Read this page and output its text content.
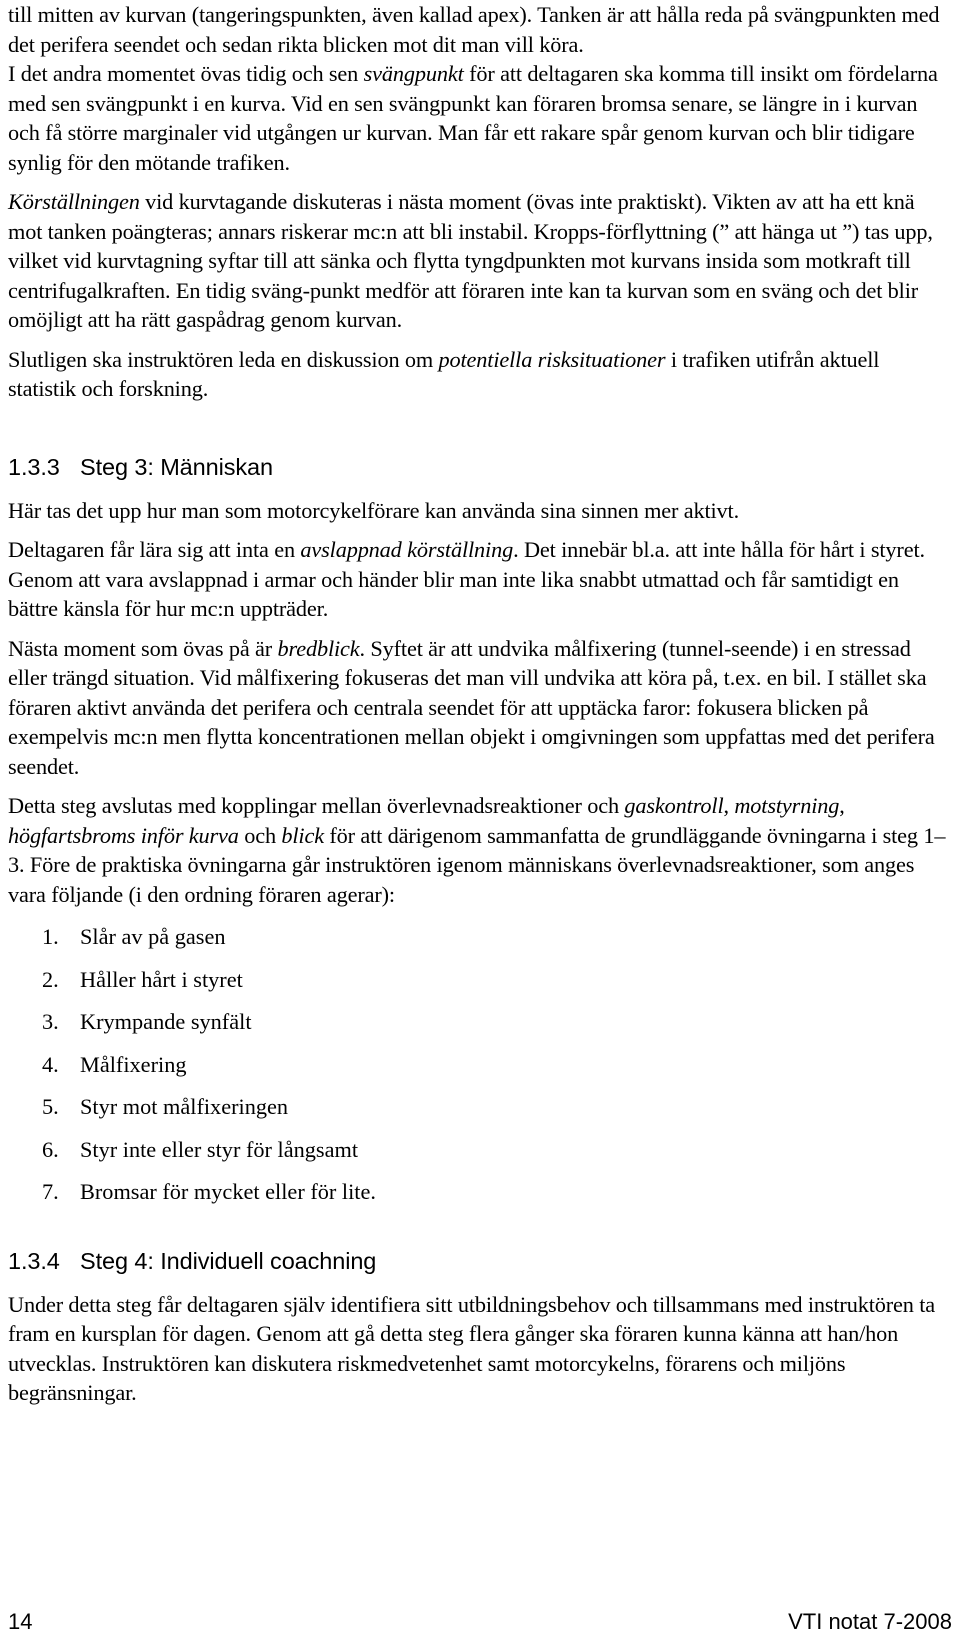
till mitten av kurvan (tangeringspunkten, även kallad apex). Tanken är att hålla reda på svängpunkten med det perifera seendet och sedan rikta blicken mot dit man vill köra.

I det andra momentet övas tidig och sen svängpunkt för att deltagaren ska komma till insikt om fördelarna med sen svängpunkt i en kurva. Vid en sen svängpunkt kan föraren bromsa senare, se längre in i kurvan och få större marginaler vid utgången ur kurvan. Man får ett rakare spår genom kurvan och blir tidigare synlig för den mötande trafiken.

Körställningen vid kurvtagande diskuteras i nästa moment (övas inte praktiskt). Vikten av att ha ett knä mot tanken poängteras; annars riskerar mc:n att bli instabil. Kropps-förflyttning (” att hänga ut ”) tas upp, vilket vid kurvtagning syftar till att sänka och flytta tyngdpunkten mot kurvans insida som motkraft till centrifugalkraften. En tidig sväng-punkt medför att föraren inte kan ta kurvan som en sväng och det blir omöjligt att ha rätt gaspådrag genom kurvan.

Slutligen ska instruktören leda en diskussion om potentiella risksituationer i trafiken utifrån aktuell statistik och forskning.

1.3.3 Steg 3: Människan

Här tas det upp hur man som motorcykelförare kan använda sina sinnen mer aktivt.

Deltagaren får lära sig att inta en avslappnad körställning. Det innebär bl.a. att inte hålla för hårt i styret. Genom att vara avslappnad i armar och händer blir man inte lika snabbt utmattad och får samtidigt en bättre känsla för hur mc:n uppträder.

Nästa moment som övas på är bredblick. Syftet är att undvika målfixering (tunnel-seende) i en stressad eller trängd situation. Vid målfixering fokuseras det man vill undvika att köra på, t.ex. en bil. I stället ska föraren aktivt använda det perifera och centrala seendet för att upptäcka faror: fokusera blicken på exempelvis mc:n men flytta koncentrationen mellan objekt i omgivningen som uppfattas med det perifera seendet.

Detta steg avslutas med kopplingar mellan överlevnadsreaktioner och gaskontroll, motstyrning, högfartsbroms inför kurva och blick för att därigenom sammanfatta de grundläggande övningarna i steg 1–3. Före de praktiska övningarna går instruktören igenom människans överlevnadsreaktioner, som anges vara följande (i den ordning föraren agerar):

1. Slår av på gasen
2. Håller hårt i styret
3. Krympande synfält
4. Målfixering
5. Styr mot målfixeringen
6. Styr inte eller styr för långsamt
7. Bromsar för mycket eller för lite.
1.3.4 Steg 4: Individuell coachning

Under detta steg får deltagaren själv identifiera sitt utbildningsbehov och tillsammans med instruktören ta fram en kursplan för dagen. Genom att gå detta steg flera gånger ska föraren kunna känna att han/hon utvecklas. Instruktören kan diskutera riskmedvetenhet samt motorcykelns, förarens och miljöns begränsningar.

14	VTI notat 7-2008
